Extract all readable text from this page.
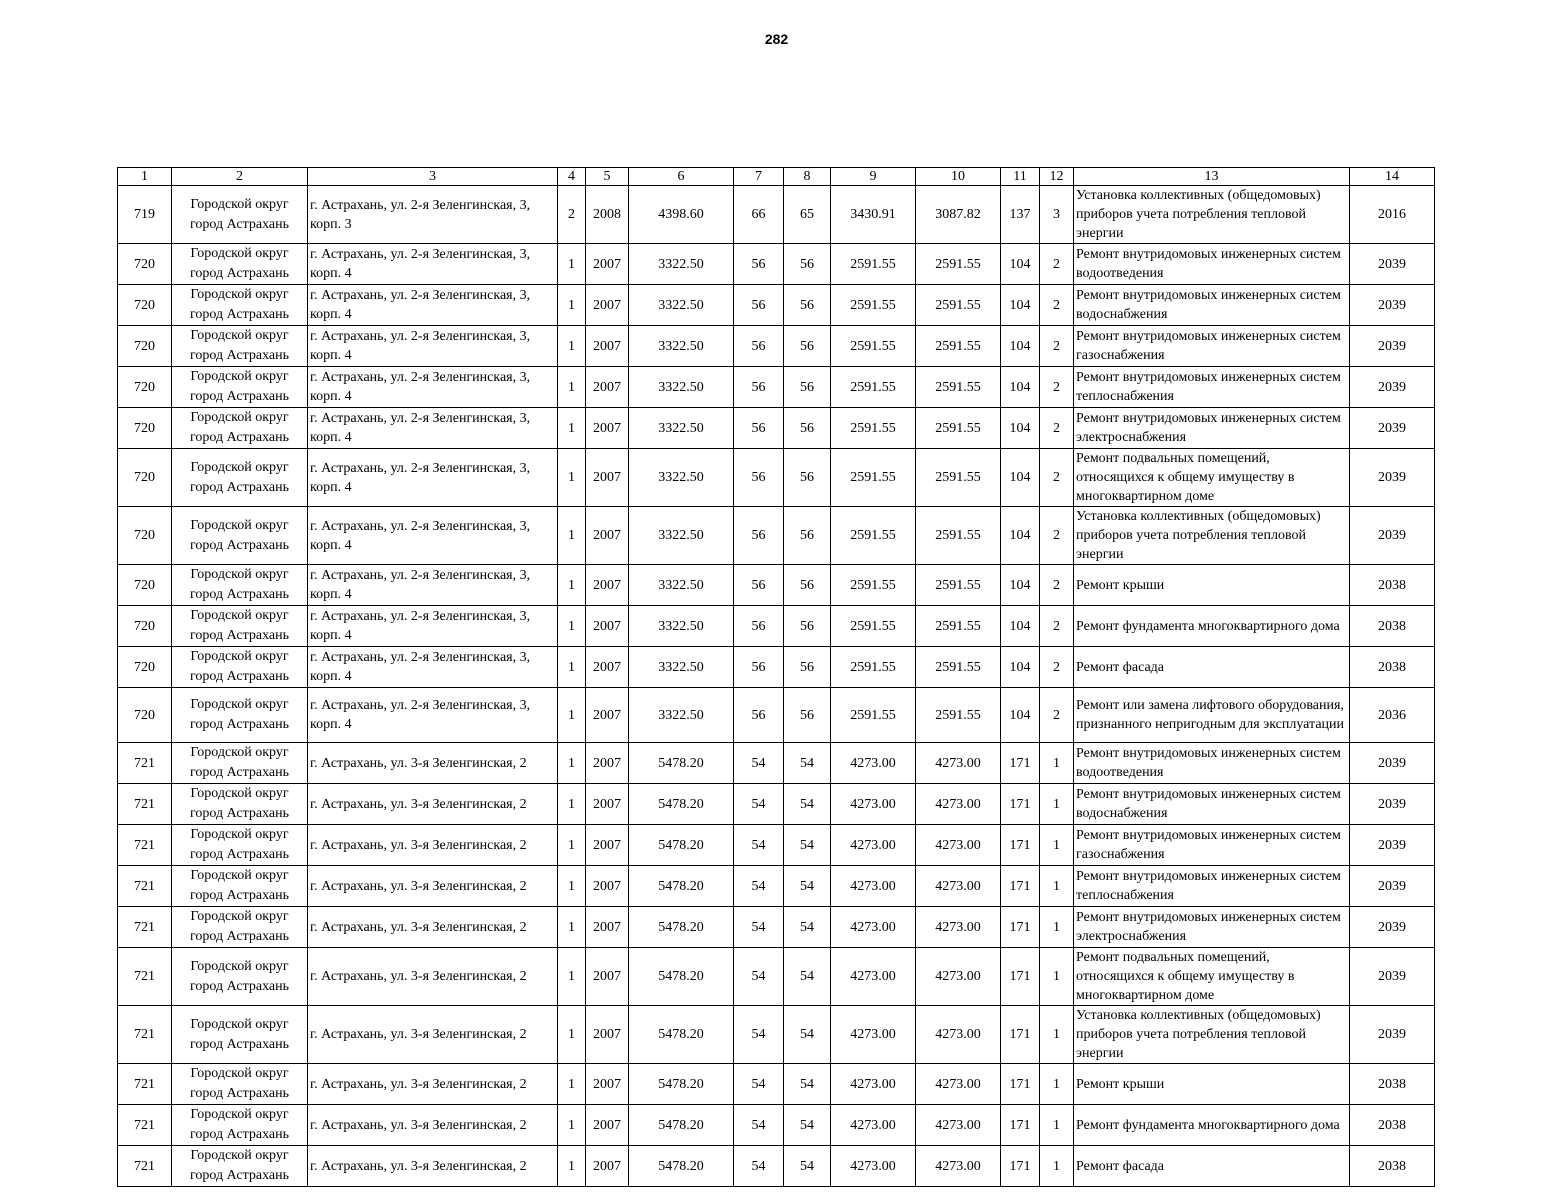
282
1	2	3	4	5	6	7	8	9	10	11	12	13	14
719	Городской округ город Астрахань	г. Астрахань, ул. 2-я Зеленгинская, 3, корп. 3	2	2008	4398.60	66	65	3430.91	3087.82	137	3	Установка коллективных (общедомовых) приборов учета потребления тепловой энергии	2016
720	Городской округ город Астрахань	г. Астрахань, ул. 2-я Зеленгинская, 3, корп. 4	1	2007	3322.50	56	56	2591.55	2591.55	104	2	Ремонт внутридомовых инженерных систем водоотведения	2039
720	Городской округ город Астрахань	г. Астрахань, ул. 2-я Зеленгинская, 3, корп. 4	1	2007	3322.50	56	56	2591.55	2591.55	104	2	Ремонт внутридомовых инженерных систем водоснабжения	2039
720	Городской округ город Астрахань	г. Астрахань, ул. 2-я Зеленгинская, 3, корп. 4	1	2007	3322.50	56	56	2591.55	2591.55	104	2	Ремонт внутридомовых инженерных систем газоснабжения	2039
720	Городской округ город Астрахань	г. Астрахань, ул. 2-я Зеленгинская, 3, корп. 4	1	2007	3322.50	56	56	2591.55	2591.55	104	2	Ремонт внутридомовых инженерных систем теплоснабжения	2039
720	Городской округ город Астрахань	г. Астрахань, ул. 2-я Зеленгинская, 3, корп. 4	1	2007	3322.50	56	56	2591.55	2591.55	104	2	Ремонт внутридомовых инженерных систем электроснабжения	2039
720	Городской округ город Астрахань	г. Астрахань, ул. 2-я Зеленгинская, 3, корп. 4	1	2007	3322.50	56	56	2591.55	2591.55	104	2	Ремонт подвальных помещений, относящихся к общему имуществу в многоквартирном доме	2039
720	Городской округ город Астрахань	г. Астрахань, ул. 2-я Зеленгинская, 3, корп. 4	1	2007	3322.50	56	56	2591.55	2591.55	104	2	Установка коллективных (общедомовых) приборов учета потребления тепловой энергии	2039
720	Городской округ город Астрахань	г. Астрахань, ул. 2-я Зеленгинская, 3, корп. 4	1	2007	3322.50	56	56	2591.55	2591.55	104	2	Ремонт крыши	2038
720	Городской округ город Астрахань	г. Астрахань, ул. 2-я Зеленгинская, 3, корп. 4	1	2007	3322.50	56	56	2591.55	2591.55	104	2	Ремонт фундамента многоквартирного дома	2038
720	Городской округ город Астрахань	г. Астрахань, ул. 2-я Зеленгинская, 3, корп. 4	1	2007	3322.50	56	56	2591.55	2591.55	104	2	Ремонт фасада	2038
720	Городской округ город Астрахань	г. Астрахань, ул. 2-я Зеленгинская, 3, корп. 4	1	2007	3322.50	56	56	2591.55	2591.55	104	2	Ремонт или замена лифтового оборудования, признанного непригодным для эксплуатации	2036
721	Городской округ город Астрахань	г. Астрахань, ул. 3-я Зеленгинская, 2	1	2007	5478.20	54	54	4273.00	4273.00	171	1	Ремонт внутридомовых инженерных систем водоотведения	2039
721	Городской округ город Астрахань	г. Астрахань, ул. 3-я Зеленгинская, 2	1	2007	5478.20	54	54	4273.00	4273.00	171	1	Ремонт внутридомовых инженерных систем водоснабжения	2039
721	Городской округ город Астрахань	г. Астрахань, ул. 3-я Зеленгинская, 2	1	2007	5478.20	54	54	4273.00	4273.00	171	1	Ремонт внутридомовых инженерных систем газоснабжения	2039
721	Городской округ город Астрахань	г. Астрахань, ул. 3-я Зеленгинская, 2	1	2007	5478.20	54	54	4273.00	4273.00	171	1	Ремонт внутридомовых инженерных систем теплоснабжения	2039
721	Городской округ город Астрахань	г. Астрахань, ул. 3-я Зеленгинская, 2	1	2007	5478.20	54	54	4273.00	4273.00	171	1	Ремонт внутридомовых инженерных систем электроснабжения	2039
721	Городской округ город Астрахань	г. Астрахань, ул. 3-я Зеленгинская, 2	1	2007	5478.20	54	54	4273.00	4273.00	171	1	Ремонт подвальных помещений, относящихся к общему имуществу в многоквартирном доме	2039
721	Городской округ город Астрахань	г. Астрахань, ул. 3-я Зеленгинская, 2	1	2007	5478.20	54	54	4273.00	4273.00	171	1	Установка коллективных (общедомовых) приборов учета потребления тепловой энергии	2039
721	Городской округ город Астрахань	г. Астрахань, ул. 3-я Зеленгинская, 2	1	2007	5478.20	54	54	4273.00	4273.00	171	1	Ремонт крыши	2038
721	Городской округ город Астрахань	г. Астрахань, ул. 3-я Зеленгинская, 2	1	2007	5478.20	54	54	4273.00	4273.00	171	1	Ремонт фундамента многоквартирного дома	2038
721	Городской округ город Астрахань	г. Астрахань, ул. 3-я Зеленгинская, 2	1	2007	5478.20	54	54	4273.00	4273.00	171	1	Ремонт фасада	2038
